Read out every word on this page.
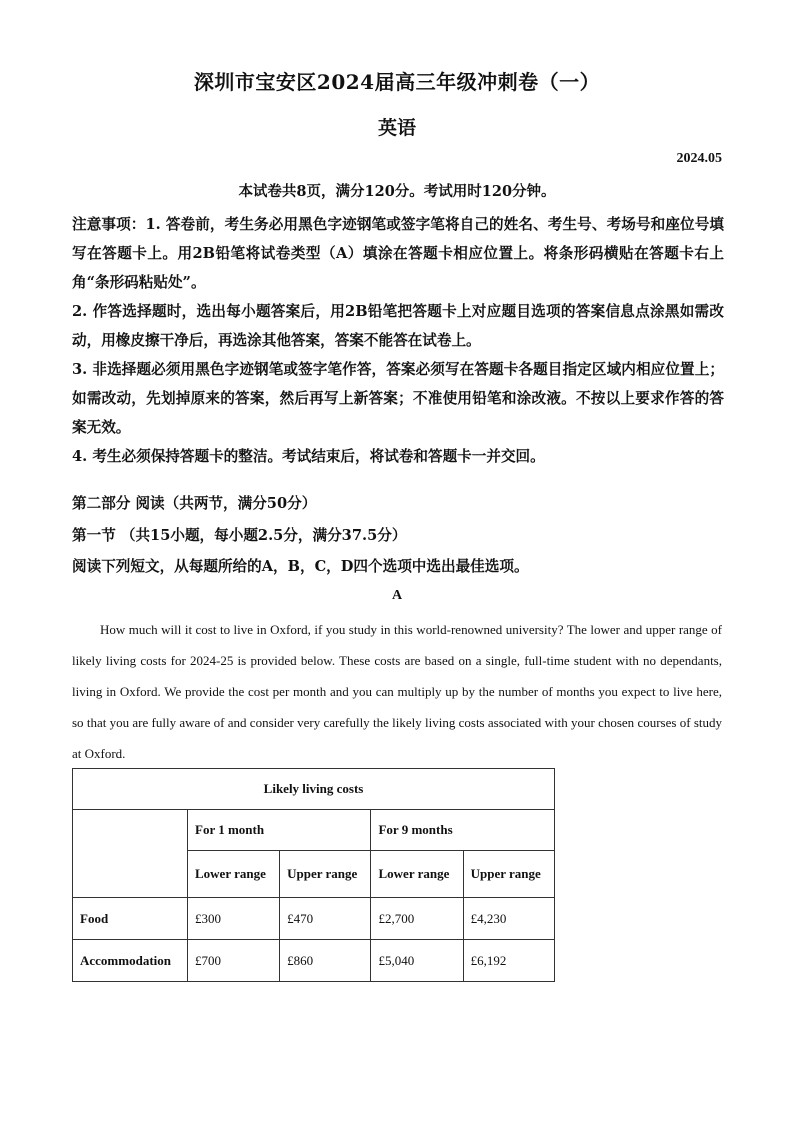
深圳市宝安区2024届高三年级冲刺卷（一）
英语
2024.05
本试卷共8页，满分120分。考试用时120分钟。

注意事项：1. 答卷前，考生务必用黑色字迹钢笔或签字笔将自己的姓名、考生号、考场号和座位号填写在答题卡上。用2B铅笔将试卷类型（A）填涂在答题卡相应位置上。将条形码横贴在答题卡右上角“条形码粘贴处”。

2. 作答选择题时，选出每小题答案后，用2B铅笔把答题卡上对应题目选项的答案信息点涂黑如需改动，用橡皮擦干净后，再选涂其他答案，答案不能答在试卷上。

3. 非选择题必须用黑色字迹钢笔或签字笔作答，答案必须写在答题卡各题目指定区域内相应位置上；如需改动，先划掉原来的答案，然后再写上新答案；不准使用铅笔和涂改液。不按以上要求作答的答案无效。

4. 考生必须保持答题卡的整洁。考试结束后，将试卷和答题卡一并交回。

第二部分 阅读（共两节，满分50分）
第一节 （共15小题，每小题2.5分，满分37.5分）
阅读下列短文，从每题所给的A，B，C，D四个选项中选出最佳选项。
A

How much will it cost to live in Oxford, if you study in this world-renowned university? The lower and upper range of likely living costs for 2024-25 is provided below. These costs are based on a single, full-time student with no dependants, living in Oxford. We provide the cost per month and you can multiply up by the number of months you expect to live here, so that you are fully aware of and consider very carefully the likely living costs associated with your chosen courses of study at Oxford.

Likely living costs				
	For 1 month		For 9 months	
	Lower range	Upper range	Lower range	Upper range
Food	£300	£470	£2,700	£4,230
Accommodation	£700	£860	£5,040	£6,192
